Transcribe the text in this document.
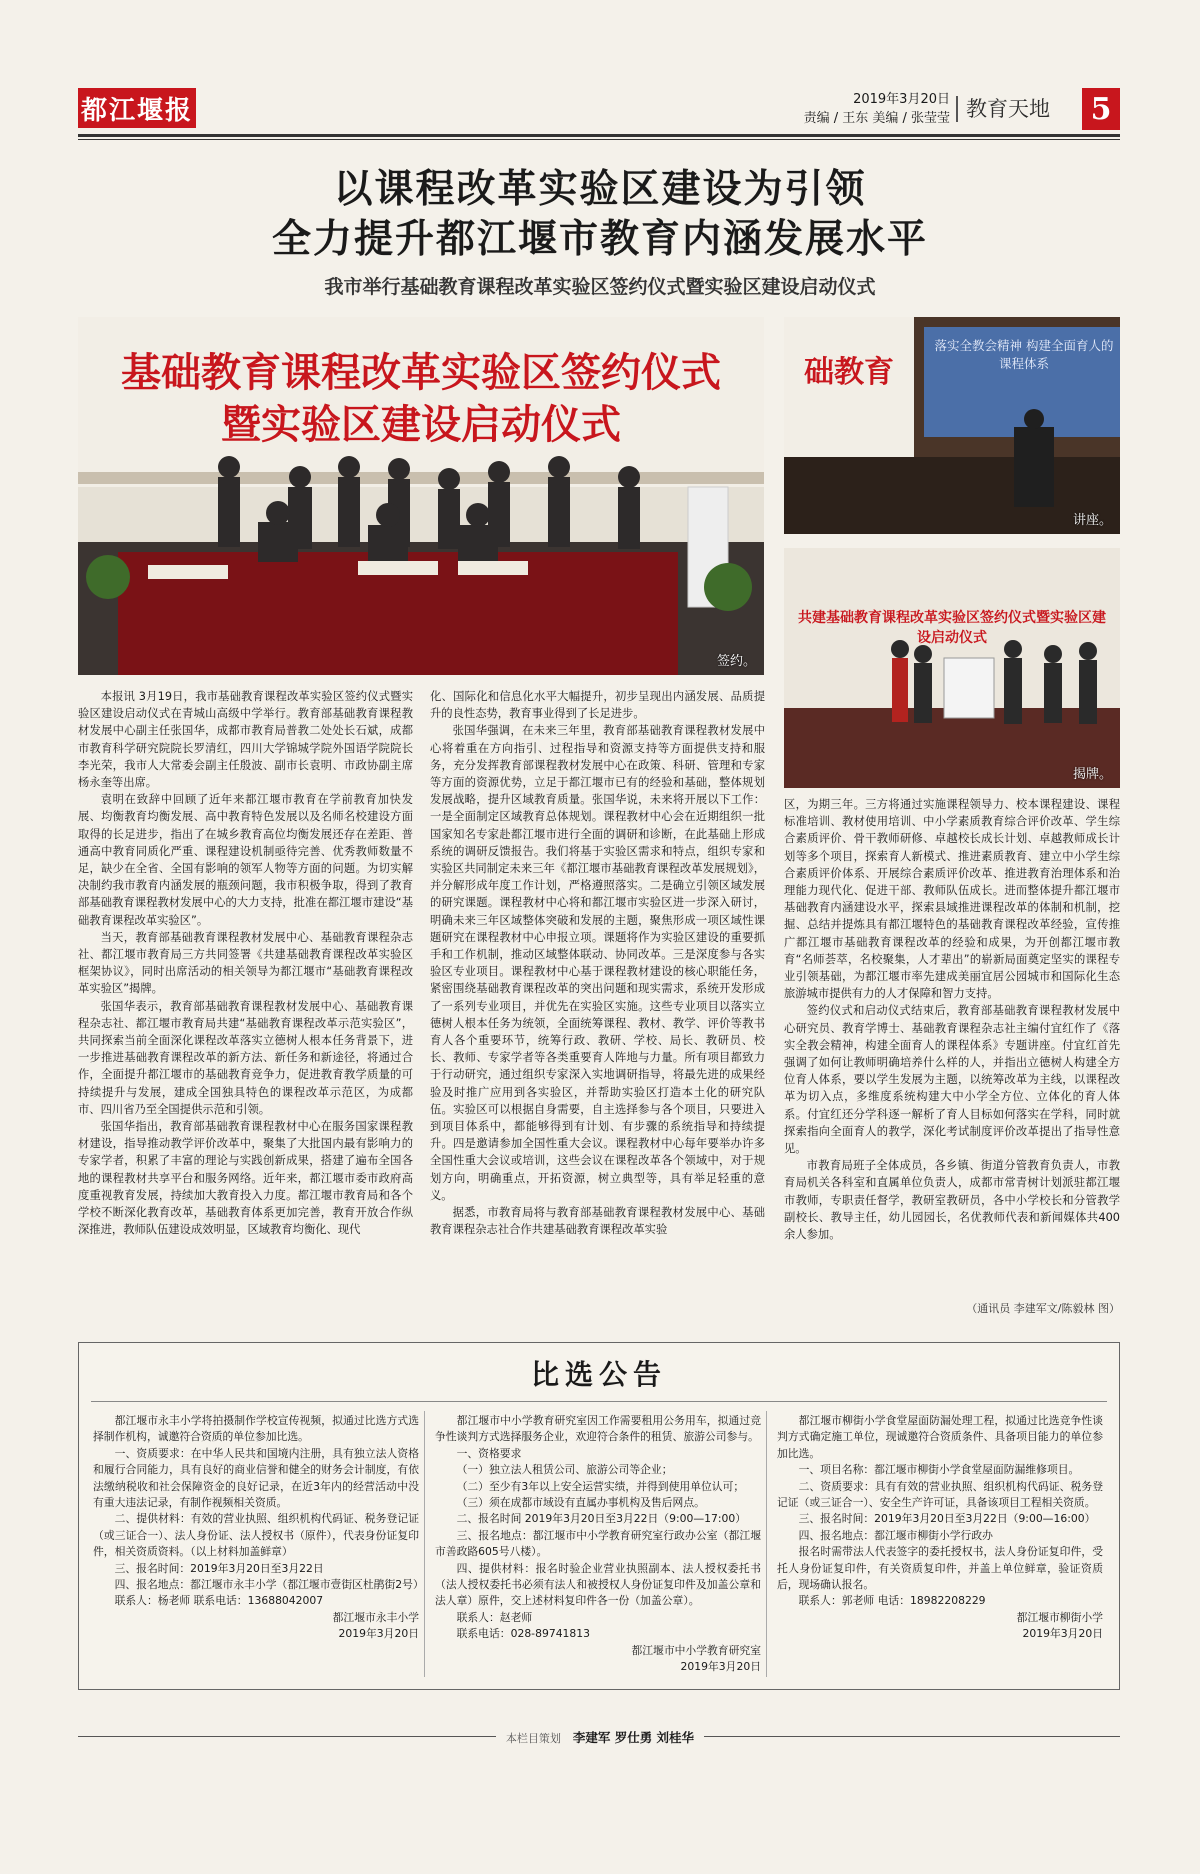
都江堰报	2019年3月20日
责编 / 王东 美编 / 张莹莹 教育天地	5
以课程改革实验区建设为引领
全力提升都江堰市教育内涵发展水平
我市举行基础教育课程改革实验区签约仪式暨实验区建设启动仪式
基础教育课程改革实验区签约仪式
暨实验区建设启动仪式
签约。
础教育
落实全教会精神 构建全面育人的课程体系
讲座。
共建基础教育课程改革实验区签约仪式暨实验区建设启动仪式
揭牌。

本报讯 3月19日，我市基础教育课程改革实验区签约仪式暨实验区建设启动仪式在青城山高级中学举行。教育部基础教育课程教材发展中心副主任张国华，成都市教育局普教二处处长石斌，成都市教育科学研究院院长罗清红，四川大学锦城学院外国语学院院长李光荣，我市人大常委会副主任殷波、副市长袁明、市政协副主席杨永奎等出席。

袁明在致辞中回顾了近年来都江堰市教育在学前教育加快发展、均衡教育均衡发展、高中教育特色发展以及名师名校建设方面取得的长足进步，指出了在城乡教育高位均衡发展还存在差距、普通高中教育同质化严重、课程建设机制亟待完善、优秀教师数量不足，缺少在全省、全国有影响的领军人物等方面的问题。为切实解决制约我市教育内涵发展的瓶颈问题，我市积极争取，得到了教育部基础教育课程教材发展中心的大力支持，批准在都江堰市建设“基础教育课程改革实验区”。

当天，教育部基础教育课程教材发展中心、基础教育课程杂志社、都江堰市教育局三方共同签署《共建基础教育课程改革实验区框架协议》，同时出席活动的相关领导为都江堰市“基础教育课程改革实验区”揭牌。

张国华表示，教育部基础教育课程教材发展中心、基础教育课程杂志社、都江堰市教育局共建“基础教育课程改革示范实验区”，共同探索当前全面深化课程改革落实立德树人根本任务背景下，进一步推进基础教育课程改革的新方法、新任务和新途径，将通过合作，全面提升都江堰市的基础教育竞争力，促进教育教学质量的可持续提升与发展，建成全国独具特色的课程改革示范区，为成都市、四川省乃至全国提供示范和引领。

张国华指出，教育部基础教育课程教材中心在服务国家课程教材建设，指导推动教学评价改革中，聚集了大批国内最有影响力的专家学者，积累了丰富的理论与实践创新成果，搭建了遍布全国各地的课程教材共享平台和服务网络。近年来，都江堰市委市政府高度重视教育发展，持续加大教育投入力度。都江堰市教育局和各个学校不断深化教育改革，基础教育体系更加完善，教育开放合作纵深推进，教师队伍建设成效明显，区域教育均衡化、现代

化、国际化和信息化水平大幅提升，初步呈现出内涵发展、品质提升的良性态势，教育事业得到了长足进步。

张国华强调，在未来三年里，教育部基础教育课程教材发展中心将着重在方向指引、过程指导和资源支持等方面提供支持和服务，充分发挥教育部课程教材发展中心在政策、科研、管理和专家等方面的资源优势，立足于都江堰市已有的经验和基础，整体规划发展战略，提升区域教育质量。张国华说，未来将开展以下工作：一是全面制定区域教育总体规划。课程教材中心会在近期组织一批国家知名专家赴都江堰市进行全面的调研和诊断，在此基础上形成系统的调研反馈报告。我们将基于实验区需求和特点，组织专家和实验区共同制定未来三年《都江堰市基础教育课程改革发展规划》，并分解形成年度工作计划，严格遵照落实。二是确立引领区域发展的研究课题。课程教材中心将和都江堰市实验区进一步深入研讨，明确未来三年区域整体突破和发展的主题，聚焦形成一项区域性课题研究在课程教材中心申报立项。课题将作为实验区建设的重要抓手和工作机制，推动区域整体联动、协同改革。三是深度参与各实验区专业项目。课程教材中心基于课程教材建设的核心职能任务，紧密围绕基础教育课程改革的突出问题和现实需求，系统开发形成了一系列专业项目，并优先在实验区实施。这些专业项目以落实立德树人根本任务为统领，全面统筹课程、教材、教学、评价等教书育人各个重要环节，统筹行政、教研、学校、局长、教研员、校长、教师、专家学者等各类重要育人阵地与力量。所有项目都致力于行动研究，通过组织专家深入实地调研指导，将最先进的成果经验及时推广应用到各实验区，并帮助实验区打造本土化的研究队伍。实验区可以根据自身需要，自主选择参与各个项目，只要进入到项目体系中，都能够得到有计划、有步骤的系统指导和持续提升。四是邀请参加全国性重大会议。课程教材中心每年要举办许多全国性重大会议或培训，这些会议在课程改革各个领域中，对于规划方向，明确重点，开拓资源，树立典型等，具有举足轻重的意义。

据悉，市教育局将与教育部基础教育课程教材发展中心、基础教育课程杂志社合作共建基础教育课程改革实验

区，为期三年。三方将通过实施课程领导力、校本课程建设、课程标准培训、教材使用培训、中小学素质教育综合评价改革、学生综合素质评价、骨干教师研修、卓越校长成长计划、卓越教师成长计划等多个项目，探索育人新模式、推进素质教育、建立中小学生综合素质评价体系、开展综合素质评价改革、推进教育治理体系和治理能力现代化、促进干部、教师队伍成长。进而整体提升都江堰市基础教育内涵建设水平，探索县域推进课程改革的体制和机制，挖掘、总结并提炼具有都江堰特色的基础教育课程改革经验，宣传推广都江堰市基础教育课程改革的经验和成果，为开创都江堰市教育“名师荟萃，名校聚集，人才辈出”的崭新局面奠定坚实的课程专业引领基础，为都江堰市率先建成美丽宜居公园城市和国际化生态旅游城市提供有力的人才保障和智力支持。

签约仪式和启动仪式结束后，教育部基础教育课程教材发展中心研究员、教育学博士、基础教育课程杂志社主编付宜红作了《落实全教会精神，构建全面育人的课程体系》专题讲座。付宜红首先强调了如何让教师明确培养什么样的人，并指出立德树人构建全方位育人体系，要以学生发展为主题，以统筹改革为主线，以课程改革为切入点，多维度系统构建大中小学全方位、立体化的育人体系。付宜红还分学科逐一解析了育人目标如何落实在学科，同时就探索指向全面育人的教学，深化考试制度评价改革提出了指导性意见。

市教育局班子全体成员，各乡镇、街道分管教育负责人，市教育局机关各科室和直属单位负责人，成都市常青树计划派驻都江堰市教师，专职责任督学，教研室教研员，各中小学校长和分管教学副校长、教导主任，幼儿园园长，名优教师代表和新闻媒体共400余人参加。

（通讯员 李建军文/陈毅林 图）
比选公告

都江堰市永丰小学将拍摄制作学校宣传视频，拟通过比选方式选择制作机构，诚邀符合资质的单位参加比选。

一、资质要求：在中华人民共和国境内注册，具有独立法人资格和履行合同能力，具有良好的商业信誉和健全的财务会计制度，有依法缴纳税收和社会保障资金的良好记录，在近3年内的经营活动中没有重大违法记录，有制作视频相关资质。

二、提供材料：有效的营业执照、组织机构代码证、税务登记证（或三证合一）、法人身份证、法人授权书（原件），代表身份证复印件，相关资质资料。（以上材料加盖鲜章）

三、报名时间：2019年3月20日至3月22日

四、报名地点：都江堰市永丰小学（都江堰市壹街区杜鹃街2号）

联系人：杨老师 联系电话：13688042007

都江堰市永丰小学

2019年3月20日

都江堰市中小学教育研究室因工作需要租用公务用车，拟通过竞争性谈判方式选择服务企业，欢迎符合条件的租赁、旅游公司参与。

一、资格要求

（一）独立法人租赁公司、旅游公司等企业；

（二）至少有3年以上安全运营实绩，并得到使用单位认可；

（三）须在成都市域设有直属办事机构及售后网点。

二、报名时间 2019年3月20日至3月22日（9:00—17:00）

三、报名地点：都江堰市中小学教育研究室行政办公室（都江堰市善政路605号八楼）。

四、提供材料：报名时验企业营业执照副本、法人授权委托书（法人授权委托书必须有法人和被授权人身份证复印件及加盖公章和法人章）原件，交上述材料复印件各一份（加盖公章）。

联系人：赵老师

联系电话：028-89741813

都江堰市中小学教育研究室

2019年3月20日

都江堰市柳街小学食堂屋面防漏处理工程，拟通过比选竞争性谈判方式确定施工单位，现诚邀符合资质条件、具备项目能力的单位参加比选。

一、项目名称：都江堰市柳街小学食堂屋面防漏维修项目。

二、资质要求：具有有效的营业执照、组织机构代码证、税务登记证（或三证合一）、安全生产许可证，具备该项目工程相关资质。

三、报名时间：2019年3月20日至3月22日（9:00—16:00）

四、报名地点：都江堰市柳街小学行政办

报名时需带法人代表签字的委托授权书，法人身份证复印件，受托人身份证复印件，有关资质复印件，并盖上单位鲜章，验证资质后，现场确认报名。

联系人：郭老师 电话：18982208229

都江堰市柳街小学

2019年3月20日

本栏目策划 李建军 罗仕勇 刘桂华
